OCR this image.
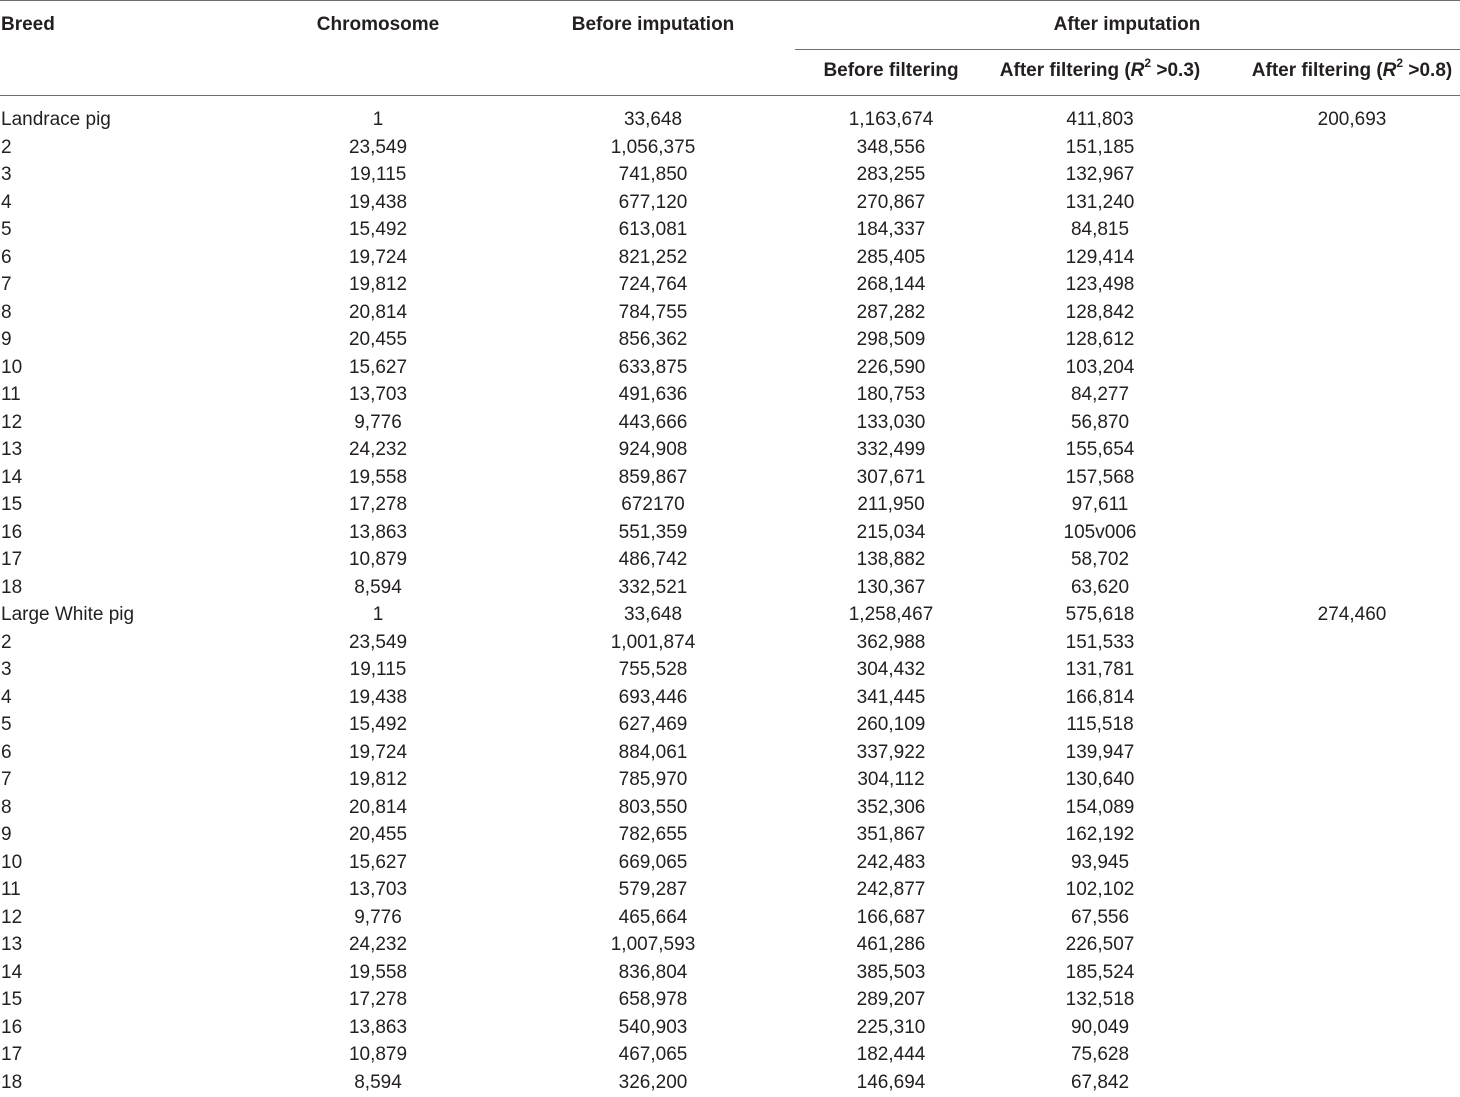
Breed	Chromosome	Before imputation	After imputation
Before filtering	After filtering $(R^2 >0.3)$	After filtering $(R^2 >0.8)$
Landrace pig	1	33,648	1,163,674	411,803	200,693
2	23,549	1,056,375	348,556	151,185
3	19,115	741,850	283,255	132,967
4	19,438	677,120	270,867	131,240
5	15,492	613,081	184,337	84,815
6	19,724	821,252	285,405	129,414
7	19,812	724,764	268,144	123,498
8	20,814	784,755	287,282	128,842
9	20,455	856,362	298,509	128,612
10	15,627	633,875	226,590	103,204
11	13,703	491,636	180,753	84,277
12	9,776	443,666	133,030	56,870
13	24,232	924,908	332,499	155,654
14	19,558	859,867	307,671	157,568
15	17,278	672170	211,950	97,611
16	13,863	551,359	215,034	105v006
17	10,879	486,742	138,882	58,702
18	8,594	332,521	130,367	63,620
Large White pig	1	33,648	1,258,467	575,618	274,460
2	23,549	1,001,874	362,988	151,533
3	19,115	755,528	304,432	131,781
4	19,438	693,446	341,445	166,814
5	15,492	627,469	260,109	115,518
6	19,724	884,061	337,922	139,947
7	19,812	785,970	304,112	130,640
8	20,814	803,550	352,306	154,089
9	20,455	782,655	351,867	162,192
10	15,627	669,065	242,483	93,945
11	13,703	579,287	242,877	102,102
12	9,776	465,664	166,687	67,556
13	24,232	1,007,593	461,286	226,507
14	19,558	836,804	385,503	185,524
15	17,278	658,978	289,207	132,518
16	13,863	540,903	225,310	90,049
17	10,879	467,065	182,444	75,628
18	8,594	326,200	146,694	67,842
